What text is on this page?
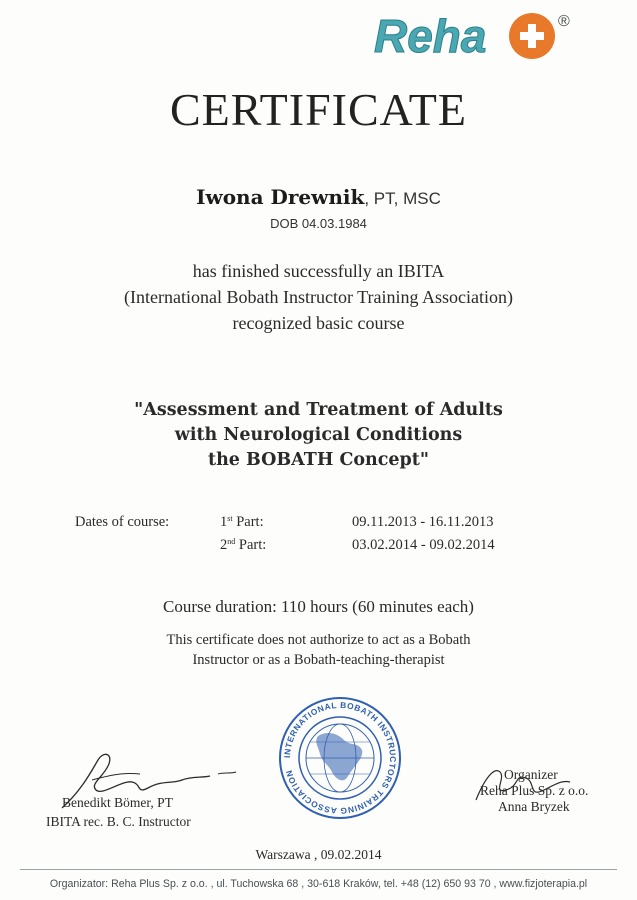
Reha	®
CERTIFICATE
Iwona Drewnik, PT, MSC
DOB 04.03.1984
has finished successfully an IBITA
(International Bobath Instructor Training Association)
recognized basic course
"Assessment and Treatment of Adults
with Neurological Conditions
the BOBATH Concept"
Dates of course:	1st Part:
2nd Part:
09.11.2013 - 16.11.2013
03.02.2014 - 09.02.2014
Course duration: 110 hours (60 minutes each)
This certificate does not authorize to act as a Bobath
Instructor or as a Bobath-teaching-therapist
INTERNATIONAL BOBATH INSTRUCTORS TRAINING ASSOCIATION
Benedikt Bömer, PT
IBITA rec. B. C. Instructor
Organizer
Reha Plus Sp. z o.o.
Anna Bryzek
Warszawa , 09.02.2014
Organizator: Reha Plus Sp. z o.o. , ul. Tuchowska 68 , 30-618 Kraków, tel. +48 (12) 650 93 70 , www.fizjoterapia.pl
